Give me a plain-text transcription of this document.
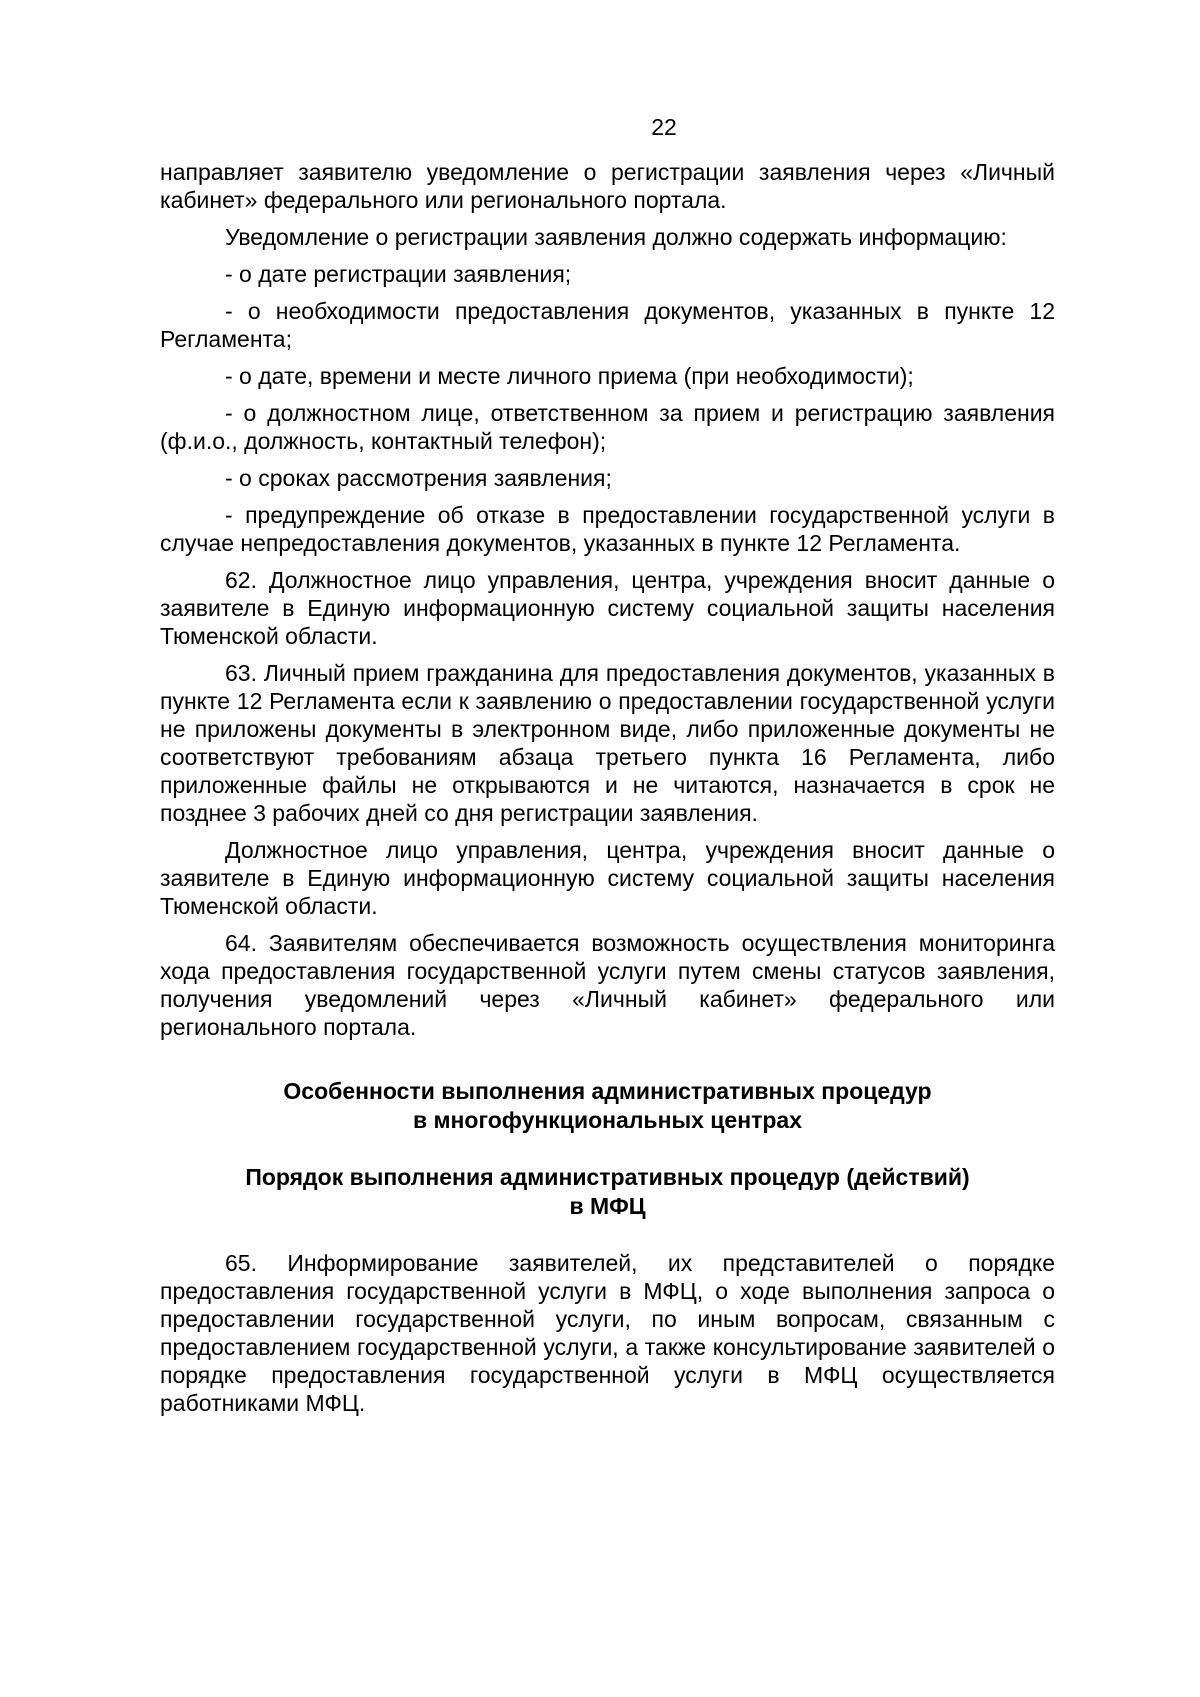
22

направляет заявителю уведомление о регистрации заявления через «Личный кабинет» федерального или регионального портала.

Уведомление о регистрации заявления должно содержать информацию:

- о дате регистрации заявления;

- о необходимости предоставления документов, указанных в пункте 12 Регламента;

- о дате, времени и месте личного приема (при необходимости);

- о должностном лице, ответственном за прием и регистрацию заявления (ф.и.о., должность, контактный телефон);

- о сроках рассмотрения заявления;

- предупреждение об отказе в предоставлении государственной услуги в случае непредоставления документов, указанных в пункте 12 Регламента.

62. Должностное лицо управления, центра, учреждения вносит данные о заявителе в Единую информационную систему социальной защиты населения Тюменской области.

63. Личный прием гражданина для предоставления документов, указанных в пункте 12 Регламента если к заявлению о предоставлении государственной услуги не приложены документы в электронном виде, либо приложенные документы не соответствуют требованиям абзаца третьего пункта 16 Регламента, либо приложенные файлы не открываются и не читаются, назначается в срок не позднее 3 рабочих дней со дня регистрации заявления.

Должностное лицо управления, центра, учреждения вносит данные о заявителе в Единую информационную систему социальной защиты населения Тюменской области.

64. Заявителям обеспечивается возможность осуществления мониторинга хода предоставления государственной услуги путем смены статусов заявления, получения уведомлений через «Личный кабинет» федерального или регионального портала.

Особенности выполнения административных процедур
в многофункциональных центрах
Порядок выполнения административных процедур (действий)
в МФЦ

65. Информирование заявителей, их представителей о порядке предоставления государственной услуги в МФЦ, о ходе выполнения запроса о предоставлении государственной услуги, по иным вопросам, связанным с предоставлением государственной услуги, а также консультирование заявителей о порядке предоставления государственной услуги в МФЦ осуществляется работниками МФЦ.
